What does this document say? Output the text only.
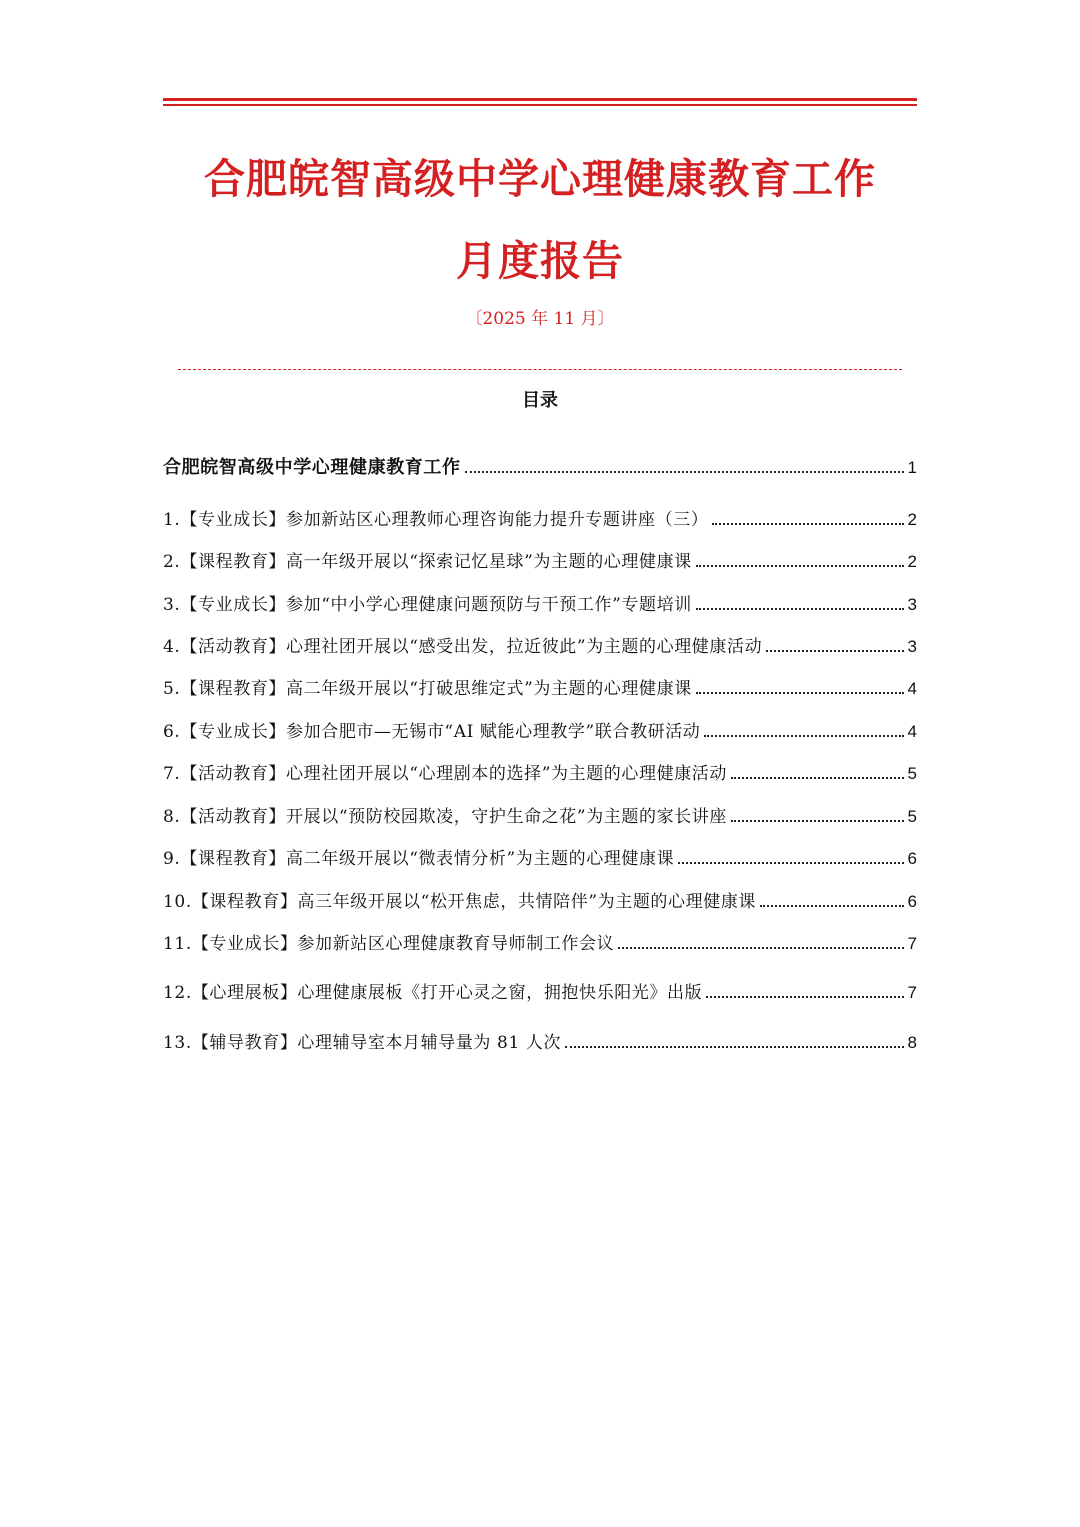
合肥皖智高级中学心理健康教育工作
月度报告
〔2025 年 11 月〕
目录
合肥皖智高级中学心理健康教育工作	1
1.【专业成长】参加新站区心理教师心理咨询能力提升专题讲座（三）	2
2.【课程教育】高一年级开展以“探索记忆星球”为主题的心理健康课	2
3.【专业成长】参加“中小学心理健康问题预防与干预工作”专题培训	3
4.【活动教育】心理社团开展以“感受出发，拉近彼此”为主题的心理健康活动	3
5.【课程教育】高二年级开展以“打破思维定式”为主题的心理健康课	4
6.【专业成长】参加合肥市—无锡市“AI 赋能心理教学”联合教研活动	4
7.【活动教育】心理社团开展以“心理剧本的选择”为主题的心理健康活动	5
8.【活动教育】开展以“预防校园欺凌，守护生命之花”为主题的家长讲座	5
9.【课程教育】高二年级开展以“微表情分析”为主题的心理健康课	6
10.【课程教育】高三年级开展以“松开焦虑，共情陪伴”为主题的心理健康课	6
11.【专业成长】参加新站区心理健康教育导师制工作会议	7
12.【心理展板】心理健康展板《打开心灵之窗，拥抱快乐阳光》出版	7
13.【辅导教育】心理辅导室本月辅导量为 81 人次	8
